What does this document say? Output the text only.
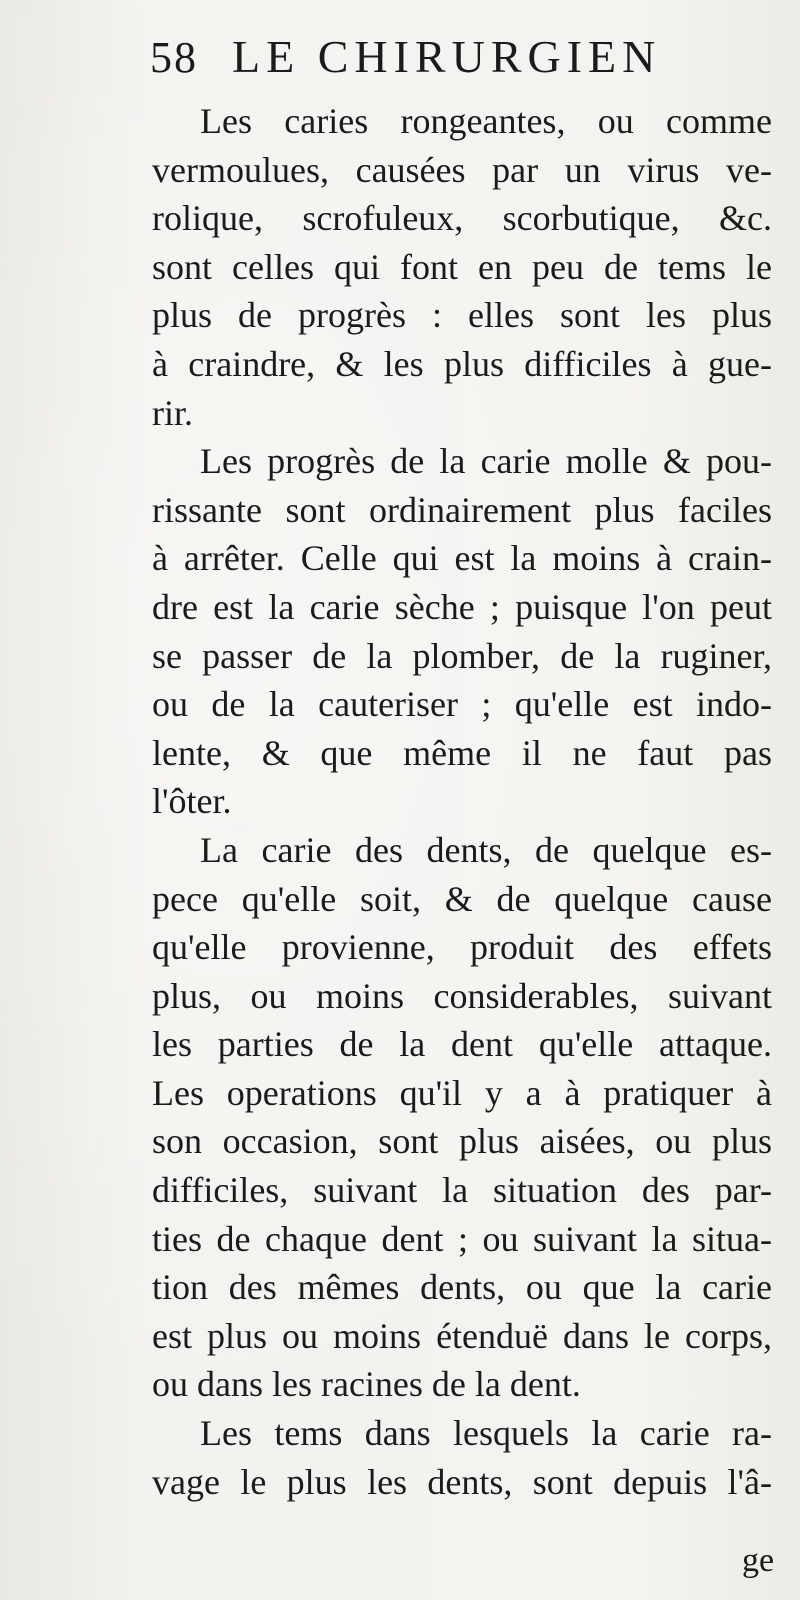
58 LE CHIRURGIEN
Les caries rongeantes, ou comme
vermoulues, causées par un virus ve-
rolique, scrofuleux, scorbutique, &c.
sont celles qui font en peu de tems le
plus de progrès : elles sont les plus
à craindre, & les plus difficiles à gue-
rir.
Les progrès de la carie molle & pou-
rissante sont ordinairement plus faciles
à arrêter. Celle qui est la moins à crain-
dre est la carie sèche ; puisque l'on peut
se passer de la plomber, de la ruginer,
ou de la cauteriser ; qu'elle est indo-
lente, & que même il ne faut pas
l'ôter.
La carie des dents, de quelque es-
pece qu'elle soit, & de quelque cause
qu'elle provienne, produit des effets
plus, ou moins considerables, suivant
les parties de la dent qu'elle attaque.
Les operations qu'il y a à pratiquer à
son occasion, sont plus aisées, ou plus
difficiles, suivant la situation des par-
ties de chaque dent ; ou suivant la situa-
tion des mêmes dents, ou que la carie
est plus ou moins étenduë dans le corps,
ou dans les racines de la dent.
Les tems dans lesquels la carie ra-
vage le plus les dents, sont depuis l'â-
ge
